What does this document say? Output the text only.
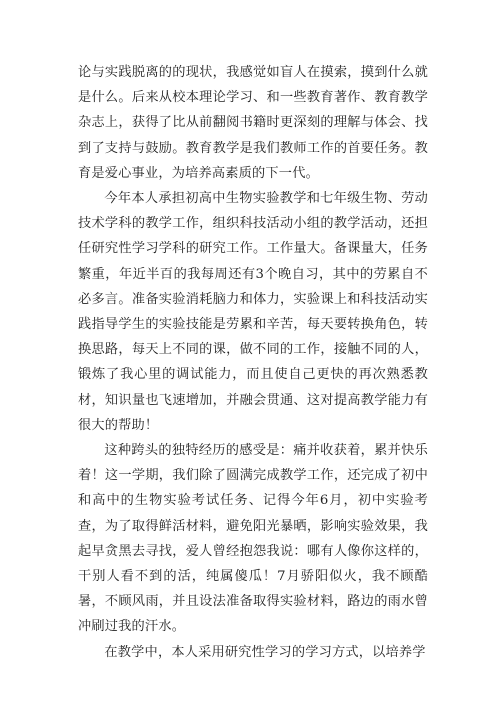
论与实践脱离的的现状，我感觉如盲人在摸索，摸到什么就是什么。后来从校本理论学习、和一些教育著作、教育教学杂志上，获得了比从前翻阅书籍时更深刻的理解与体会、找到了支持与鼓励。教育教学是我们教师工作的首要任务。教育是爱心事业，为培养高素质的下一代。

今年本人承担初高中生物实验教学和七年级生物、劳动技术学科的教学工作，组织科技活动小组的教学活动，还担任研究性学习学科的研究工作。工作量大。备课量大，任务繁重，年近半百的我每周还有3个晚自习，其中的劳累自不必多言。准备实验消耗脑力和体力，实验课上和科技活动实践指导学生的实验技能是劳累和辛苦，每天要转换角色，转换思路，每天上不同的课，做不同的工作，接触不同的人，锻炼了我心里的调试能力，而且使自己更快的再次熟悉教材，知识量也飞速增加，并融会贯通、这对提高教学能力有很大的帮助！

这种跨头的独特经历的感受是：痛并收获着，累并快乐着！这一学期，我们除了圆满完成教学工作，还完成了初中和高中的生物实验考试任务、记得今年6月，初中实验考查，为了取得鲜活材料，避免阳光暴晒，影响实验效果，我起早贪黑去寻找，爱人曾经抱怨我说：哪有人像你这样的，干别人看不到的活，纯属傻瓜！7月骄阳似火，我不顾酷暑，不顾风雨，并且设法准备取得实验材料，路边的雨水曾冲刷过我的汗水。

在教学中，本人采用研究性学习的学习方式，以培养学
